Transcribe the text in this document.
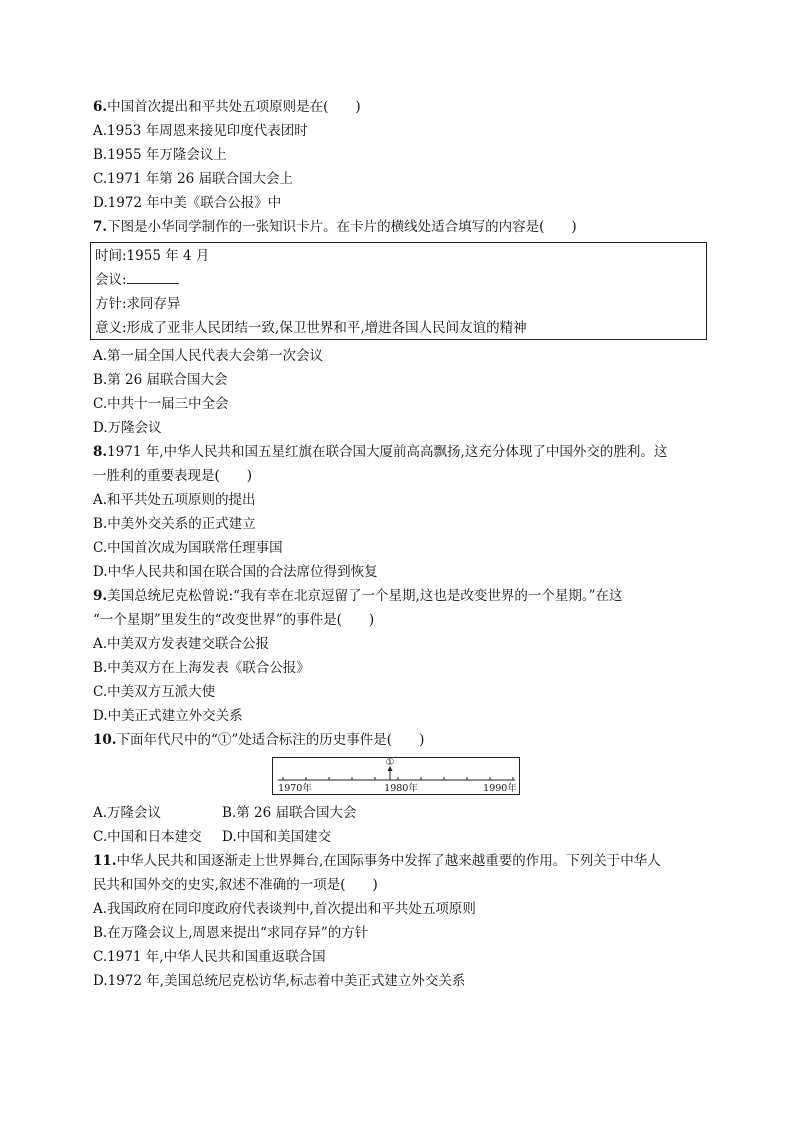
6.中国首次提出和平共处五项原则是在(　　)
A.1953 年周恩来接见印度代表团时
B.1955 年万隆会议上
C.1971 年第 26 届联合国大会上
D.1972 年中美《联合公报》中
7.下图是小华同学制作的一张知识卡片。在卡片的横线处适合填写的内容是(　　)
时间:1955 年 4 月
会议:
方针:求同存异
意义:形成了亚非人民团结一致,保卫世界和平,增进各国人民间友谊的精神
A.第一届全国人民代表大会第一次会议
B.第 26 届联合国大会
C.中共十一届三中全会
D.万隆会议
8.1971 年,中华人民共和国五星红旗在联合国大厦前高高飘扬,这充分体现了中国外交的胜利。这
一胜利的重要表现是(　　)
A.和平共处五项原则的提出
B.中美外交关系的正式建立
C.中国首次成为国联常任理事国
D.中华人民共和国在联合国的合法席位得到恢复
9.美国总统尼克松曾说:“我有幸在北京逗留了一个星期,这也是改变世界的一个星期。”在这
“一个星期”里发生的“改变世界”的事件是(　　)
A.中美双方发表建交联合公报
B.中美双方在上海发表《联合公报》
C.中美双方互派大使
D.中美正式建立外交关系
10.下面年代尺中的“①”处适合标注的历史事件是(　　)
①
1970年	1980年	1990年
A.万隆会议	B.第 26 届联合国大会
C.中国和日本建交 D.中国和美国建交
11.中华人民共和国逐渐走上世界舞台,在国际事务中发挥了越来越重要的作用。下列关于中华人
民共和国外交的史实,叙述不准确的一项是(　　)
A.我国政府在同印度政府代表谈判中,首次提出和平共处五项原则
B.在万隆会议上,周恩来提出“求同存异”的方针
C.1971 年,中华人民共和国重返联合国
D.1972 年,美国总统尼克松访华,标志着中美正式建立外交关系
